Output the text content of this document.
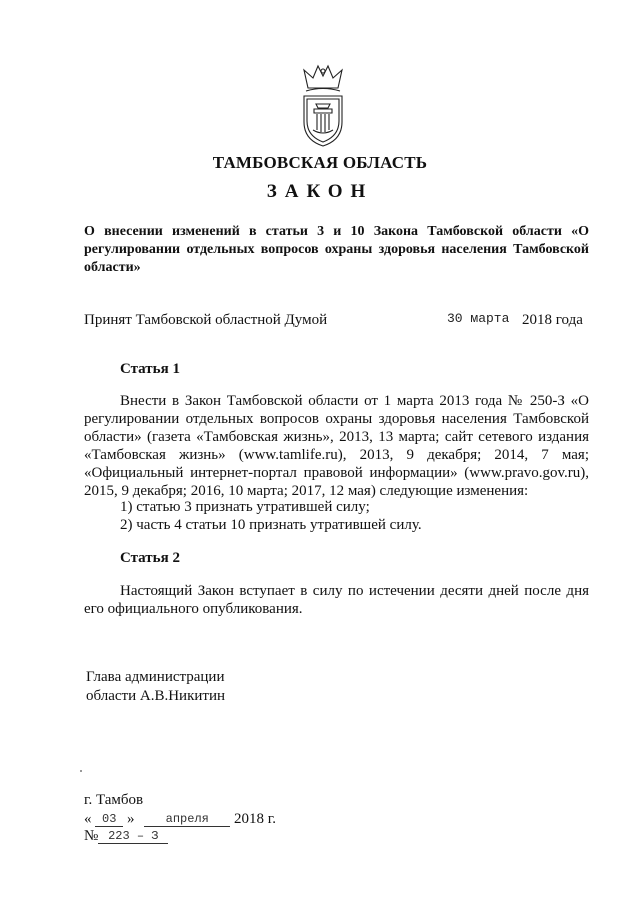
ТАМБОВСКАЯ ОБЛАСТЬ
ЗАКОН
О внесении изменений в статьи 3 и 10 Закона Тамбовской области «О регулировании отдельных вопросов охраны здоровья населения Тамбовской области»
Принят Тамбовской областной Думой	30 марта 2018 года
Статья 1
Внести в Закон Тамбовской области от 1 марта 2013 года № 250-З «О регулировании отдельных вопросов охраны здоровья населения Тамбовской области» (газета «Тамбовская жизнь», 2013, 13 марта; сайт сетевого издания «Тамбовская жизнь» (www.tamlife.ru), 2013, 9 декабря; 2014, 7 мая; «Официальный интернет-портал правовой информации» (www.pravo.gov.ru), 2015, 9 декабря; 2016, 10 марта; 2017, 12 мая) следующие изменения:
1) статью 3 признать утратившей силу;
2) часть 4 статьи 10 признать утратившей силу.
Статья 2
Настоящий Закон вступает в силу по истечении десяти дней после дня его официального опубликования.
Глава администрации
области А.В.Никитин
г. Тамбов
« 03 »	апреля 2018 г.
№ 223 – З
